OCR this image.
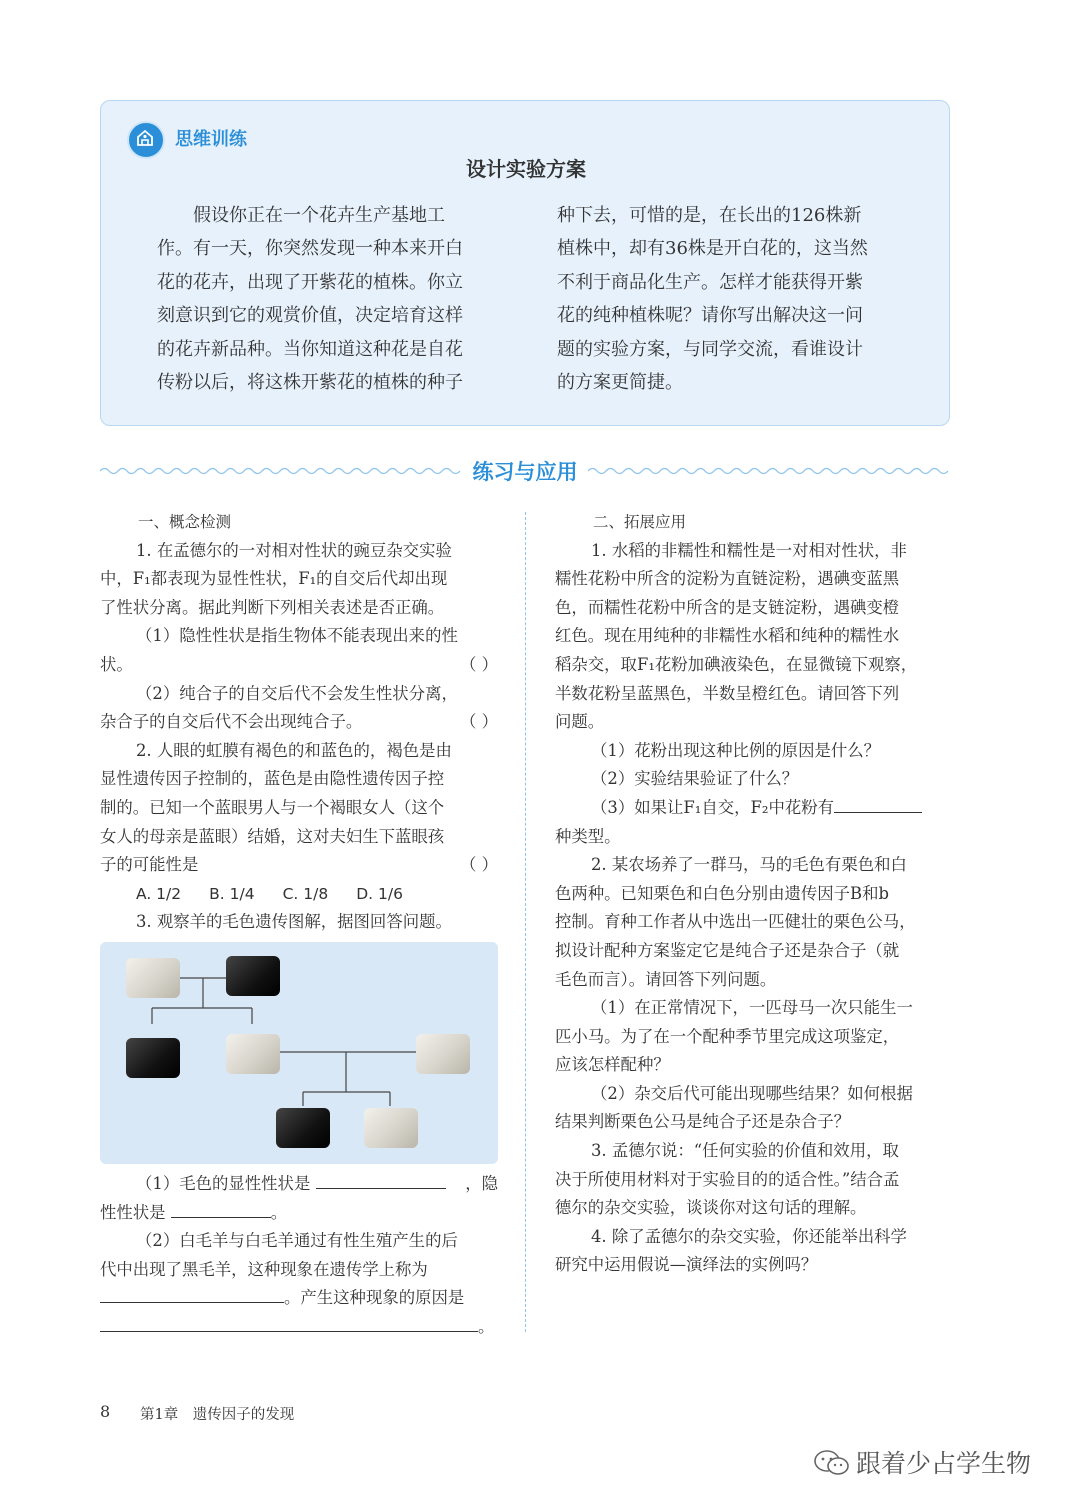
思维训练
设计实验方案
假设你正在一个花卉生产基地工
作。有一天，你突然发现一种本来开白
花的花卉，出现了开紫花的植株。你立
刻意识到它的观赏价值，决定培育这样
的花卉新品种。当你知道这种花是自花
传粉以后，将这株开紫花的植株的种子
种下去，可惜的是，在长出的126株新
植株中，却有36株是开白花的，这当然
不利于商品化生产。怎样才能获得开紫
花的纯种植株呢？请你写出解决这一问
题的实验方案，与同学交流，看谁设计
的方案更简捷。
练习与应用
一、概念检测
1. 在孟德尔的一对相对性状的豌豆杂交实验
中，F₁都表现为显性性状，F₁的自交后代却出现
了性状分离。据此判断下列相关表述是否正确。
（1）隐性性状是指生物体不能表现出来的性
状。	（ ）
（2）纯合子的自交后代不会发生性状分离，
杂合子的自交后代不会出现纯合子。	（ ）
2. 人眼的虹膜有褐色的和蓝色的，褐色是由
显性遗传因子控制的，蓝色是由隐性遗传因子控
制的。已知一个蓝眼男人与一个褐眼女人（这个
女人的母亲是蓝眼）结婚，这对夫妇生下蓝眼孩
子的可能性是	（ ）
A. 1/2 B. 1/4 C. 1/8 D. 1/6
3. 观察羊的毛色遗传图解，据图回答问题。
（1）毛色的显性性状是	，隐
性性状是	。
（2）白毛羊与白毛羊通过有性生殖产生的后
代中出现了黑毛羊，这种现象在遗传学上称为
。产生这种现象的原因是
。
二、拓展应用
1. 水稻的非糯性和糯性是一对相对性状，非
糯性花粉中所含的淀粉为直链淀粉，遇碘变蓝黑
色，而糯性花粉中所含的是支链淀粉，遇碘变橙
红色。现在用纯种的非糯性水稻和纯种的糯性水
稻杂交，取F₁花粉加碘液染色，在显微镜下观察，
半数花粉呈蓝黑色，半数呈橙红色。请回答下列
问题。
（1）花粉出现这种比例的原因是什么？
（2）实验结果验证了什么？
（3）如果让F₁自交，F₂中花粉有
种类型。
2. 某农场养了一群马，马的毛色有栗色和白
色两种。已知栗色和白色分别由遗传因子B和b
控制。育种工作者从中选出一匹健壮的栗色公马，
拟设计配种方案鉴定它是纯合子还是杂合子（就
毛色而言）。请回答下列问题。
（1）在正常情况下，一匹母马一次只能生一
匹小马。为了在一个配种季节里完成这项鉴定，
应该怎样配种？
（2）杂交后代可能出现哪些结果？如何根据
结果判断栗色公马是纯合子还是杂合子？
3. 孟德尔说：“任何实验的价值和效用，取
决于所使用材料对于实验目的的适合性。”结合孟
德尔的杂交实验，谈谈你对这句话的理解。
4. 除了孟德尔的杂交实验，你还能举出科学
研究中运用假说—演绎法的实例吗？
8 第1章　遗传因子的发现
跟着少占学生物
